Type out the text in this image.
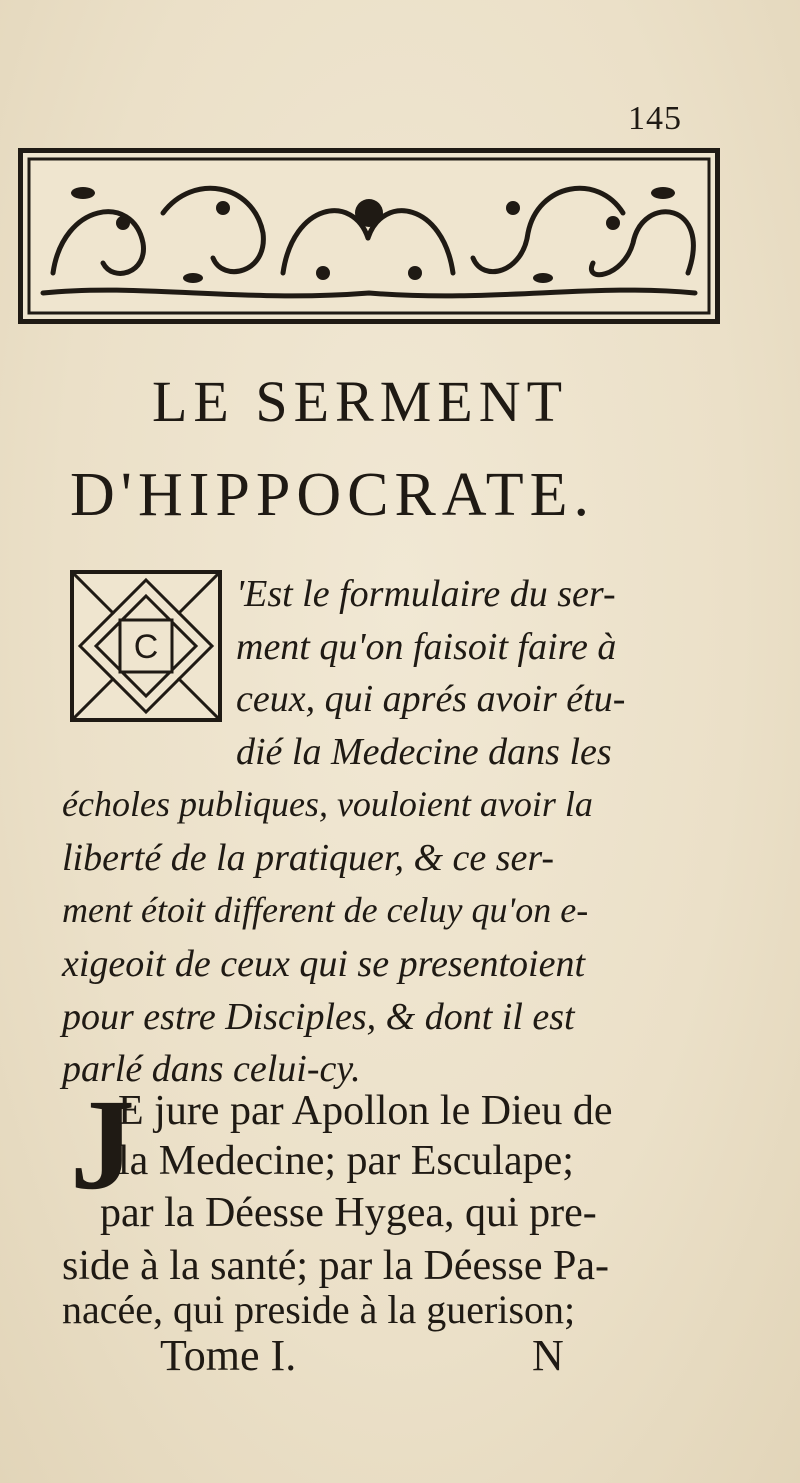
145
LE SERMENT
D'HIPPOCRATE.
C
'Est le formulaire du ser-
ment qu'on faisoit faire à
ceux, qui aprés avoir étu-
dié la Medecine dans les
écholes publiques, vouloient avoir la
liberté de la pratiquer, & ce ser-
ment étoit different de celuy qu'on e-
xigeoit de ceux qui se presentoient
pour estre Disciples, & dont il est
parlé dans celui-cy.
J
E jure par Apollon le Dieu de
la Medecine; par Esculape;
par la Déesse Hygea, qui pre-
side à la santé; par la Déesse Pa-
nacée, qui preside à la guerison;
Tome I.	N
